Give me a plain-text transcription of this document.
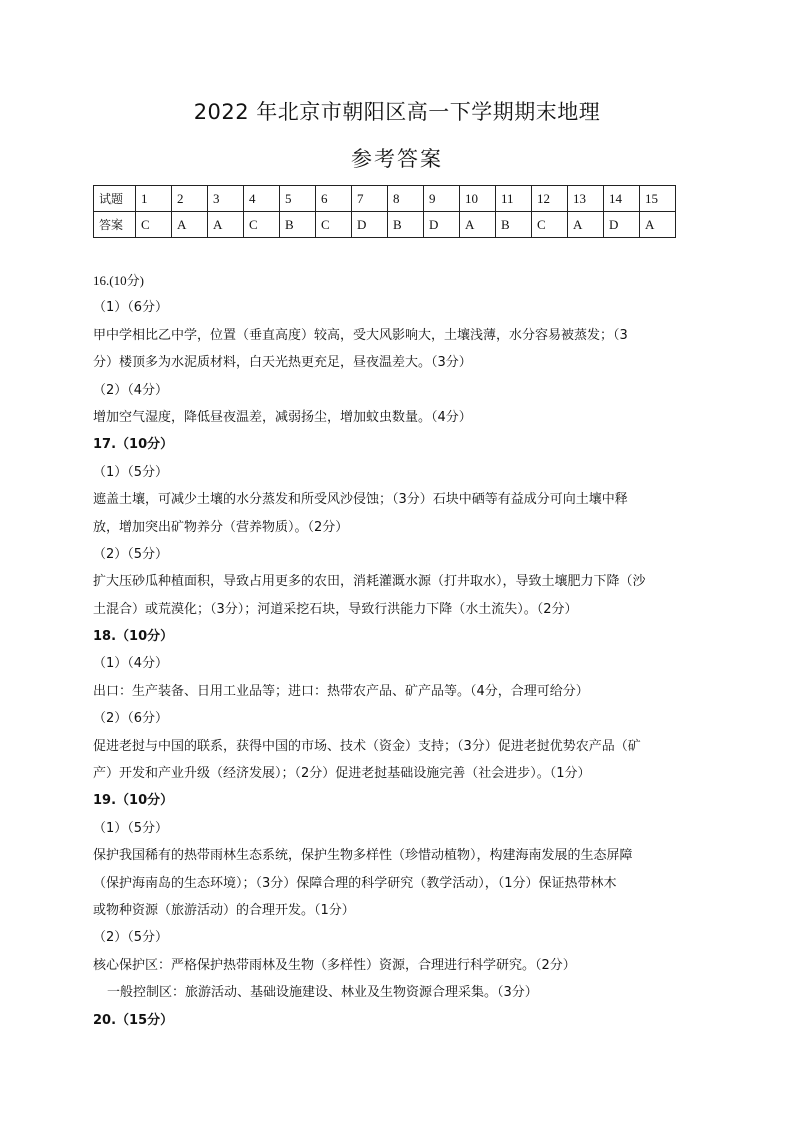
2022 年北京市朝阳区高一下学期期末地理
参考答案
试题	1	2	3	4	5	6	7	8	9	10	11	12	13	14	15
答案	C	A	A	C	B	C	D	B	D	A	B	C	A	D	A
16.(10分)
（1）（6分）
甲中学相比乙中学，位置（垂直高度）较高，受大风影响大，土壤浅薄，水分容易被蒸发；（3
分）楼顶多为水泥质材料，白天光热更充足，昼夜温差大。（3分）
（2）（4分）
增加空气湿度，降低昼夜温差，减弱扬尘，增加蚊虫数量。（4分）
17.（10分）
（1）（5分）
遮盖土壤，可减少土壤的水分蒸发和所受风沙侵蚀；（3分）石块中硒等有益成分可向土壤中释
放，增加突出矿物养分（营养物质）。（2分）
（2）（5分）
扩大压砂瓜种植面积，导致占用更多的农田，消耗灌溉水源（打井取水），导致土壤肥力下降（沙
土混合）或荒漠化；（3分）；河道采挖石块，导致行洪能力下降（水土流失）。（2分）
18.（10分）
（1）（4分）
出口：生产装备、日用工业品等；进口：热带农产品、矿产品等。（4分，合理可给分）
（2）（6分）
促进老挝与中国的联系，获得中国的市场、技术（资金）支持；（3分）促进老挝优势农产品（矿
产）开发和产业升级（经济发展）；（2分）促进老挝基础设施完善（社会进步）。（1分）
19.（10分）
（1）（5分）
保护我国稀有的热带雨林生态系统，保护生物多样性（珍惜动植物），构建海南发展的生态屏障
（保护海南岛的生态环境）；（3分）保障合理的科学研究（教学活动），（1分）保证热带林木
或物种资源（旅游活动）的合理开发。（1分）
（2）（5分）
核心保护区：严格保护热带雨林及生物（多样性）资源，合理进行科学研究。（2分）
一般控制区：旅游活动、基础设施建设、林业及生物资源合理采集。（3分）
20.（15分）
